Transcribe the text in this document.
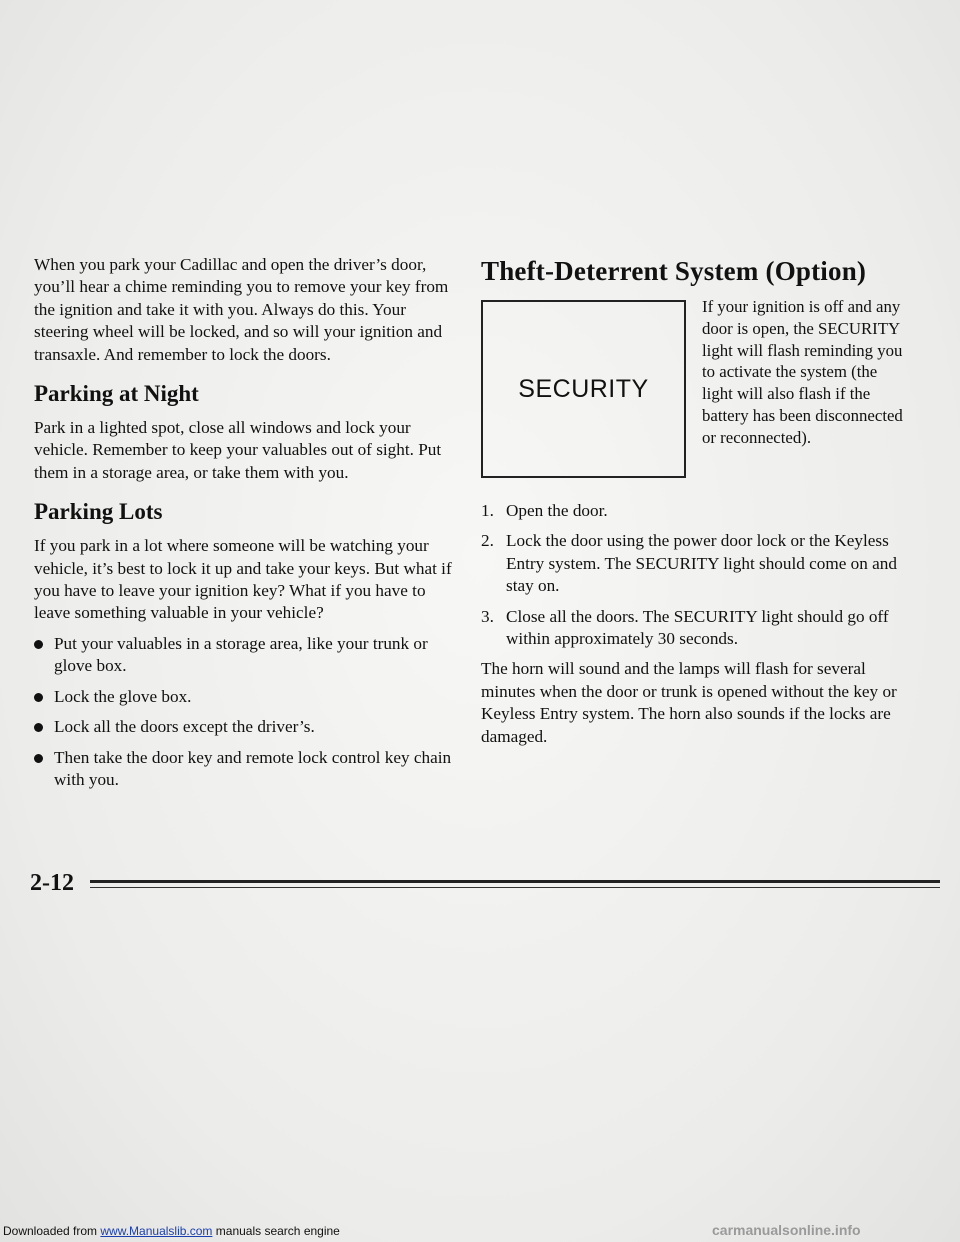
When you park your Cadillac and open the driver’s door, you’ll hear a chime reminding you to remove your key from the ignition and take it with you. Always do this. Your steering wheel will be locked, and so will your ignition and transaxle. And remember to lock the doors.

Parking at Night

Park in a lighted spot, close all windows and lock your vehicle. Remember to keep your valuables out of sight. Put them in a storage area, or take them with you.

Parking Lots

If you park in a lot where someone will be watching your vehicle, it’s best to lock it up and take your keys. But what if you have to leave your ignition key? What if you have to leave something valuable in your vehicle?

Put your valuables in a storage area, like your trunk or glove box.
Lock the glove box.
Lock all the doors except the driver’s.
Then take the door key and remote lock control key chain with you.
Theft-Deterrent System (Option)
SECURITY
If your ignition is off and any door is open, the SECURITY light will flash reminding you to activate the system (the light will also flash if the battery has been disconnected or reconnected).
1. Open the door.
2. Lock the door using the power door lock or the Keyless Entry system. The SECURITY light should come on and stay on.
3. Close all the doors. The SECURITY light should go off within approximately 30 seconds.

The horn will sound and the lamps will flash for several minutes when the door or trunk is opened without the key or Keyless Entry system. The horn also sounds if the locks are damaged.

2-12
Downloaded from www.Manualslib.com manuals search engine	carmanualsonline.info
